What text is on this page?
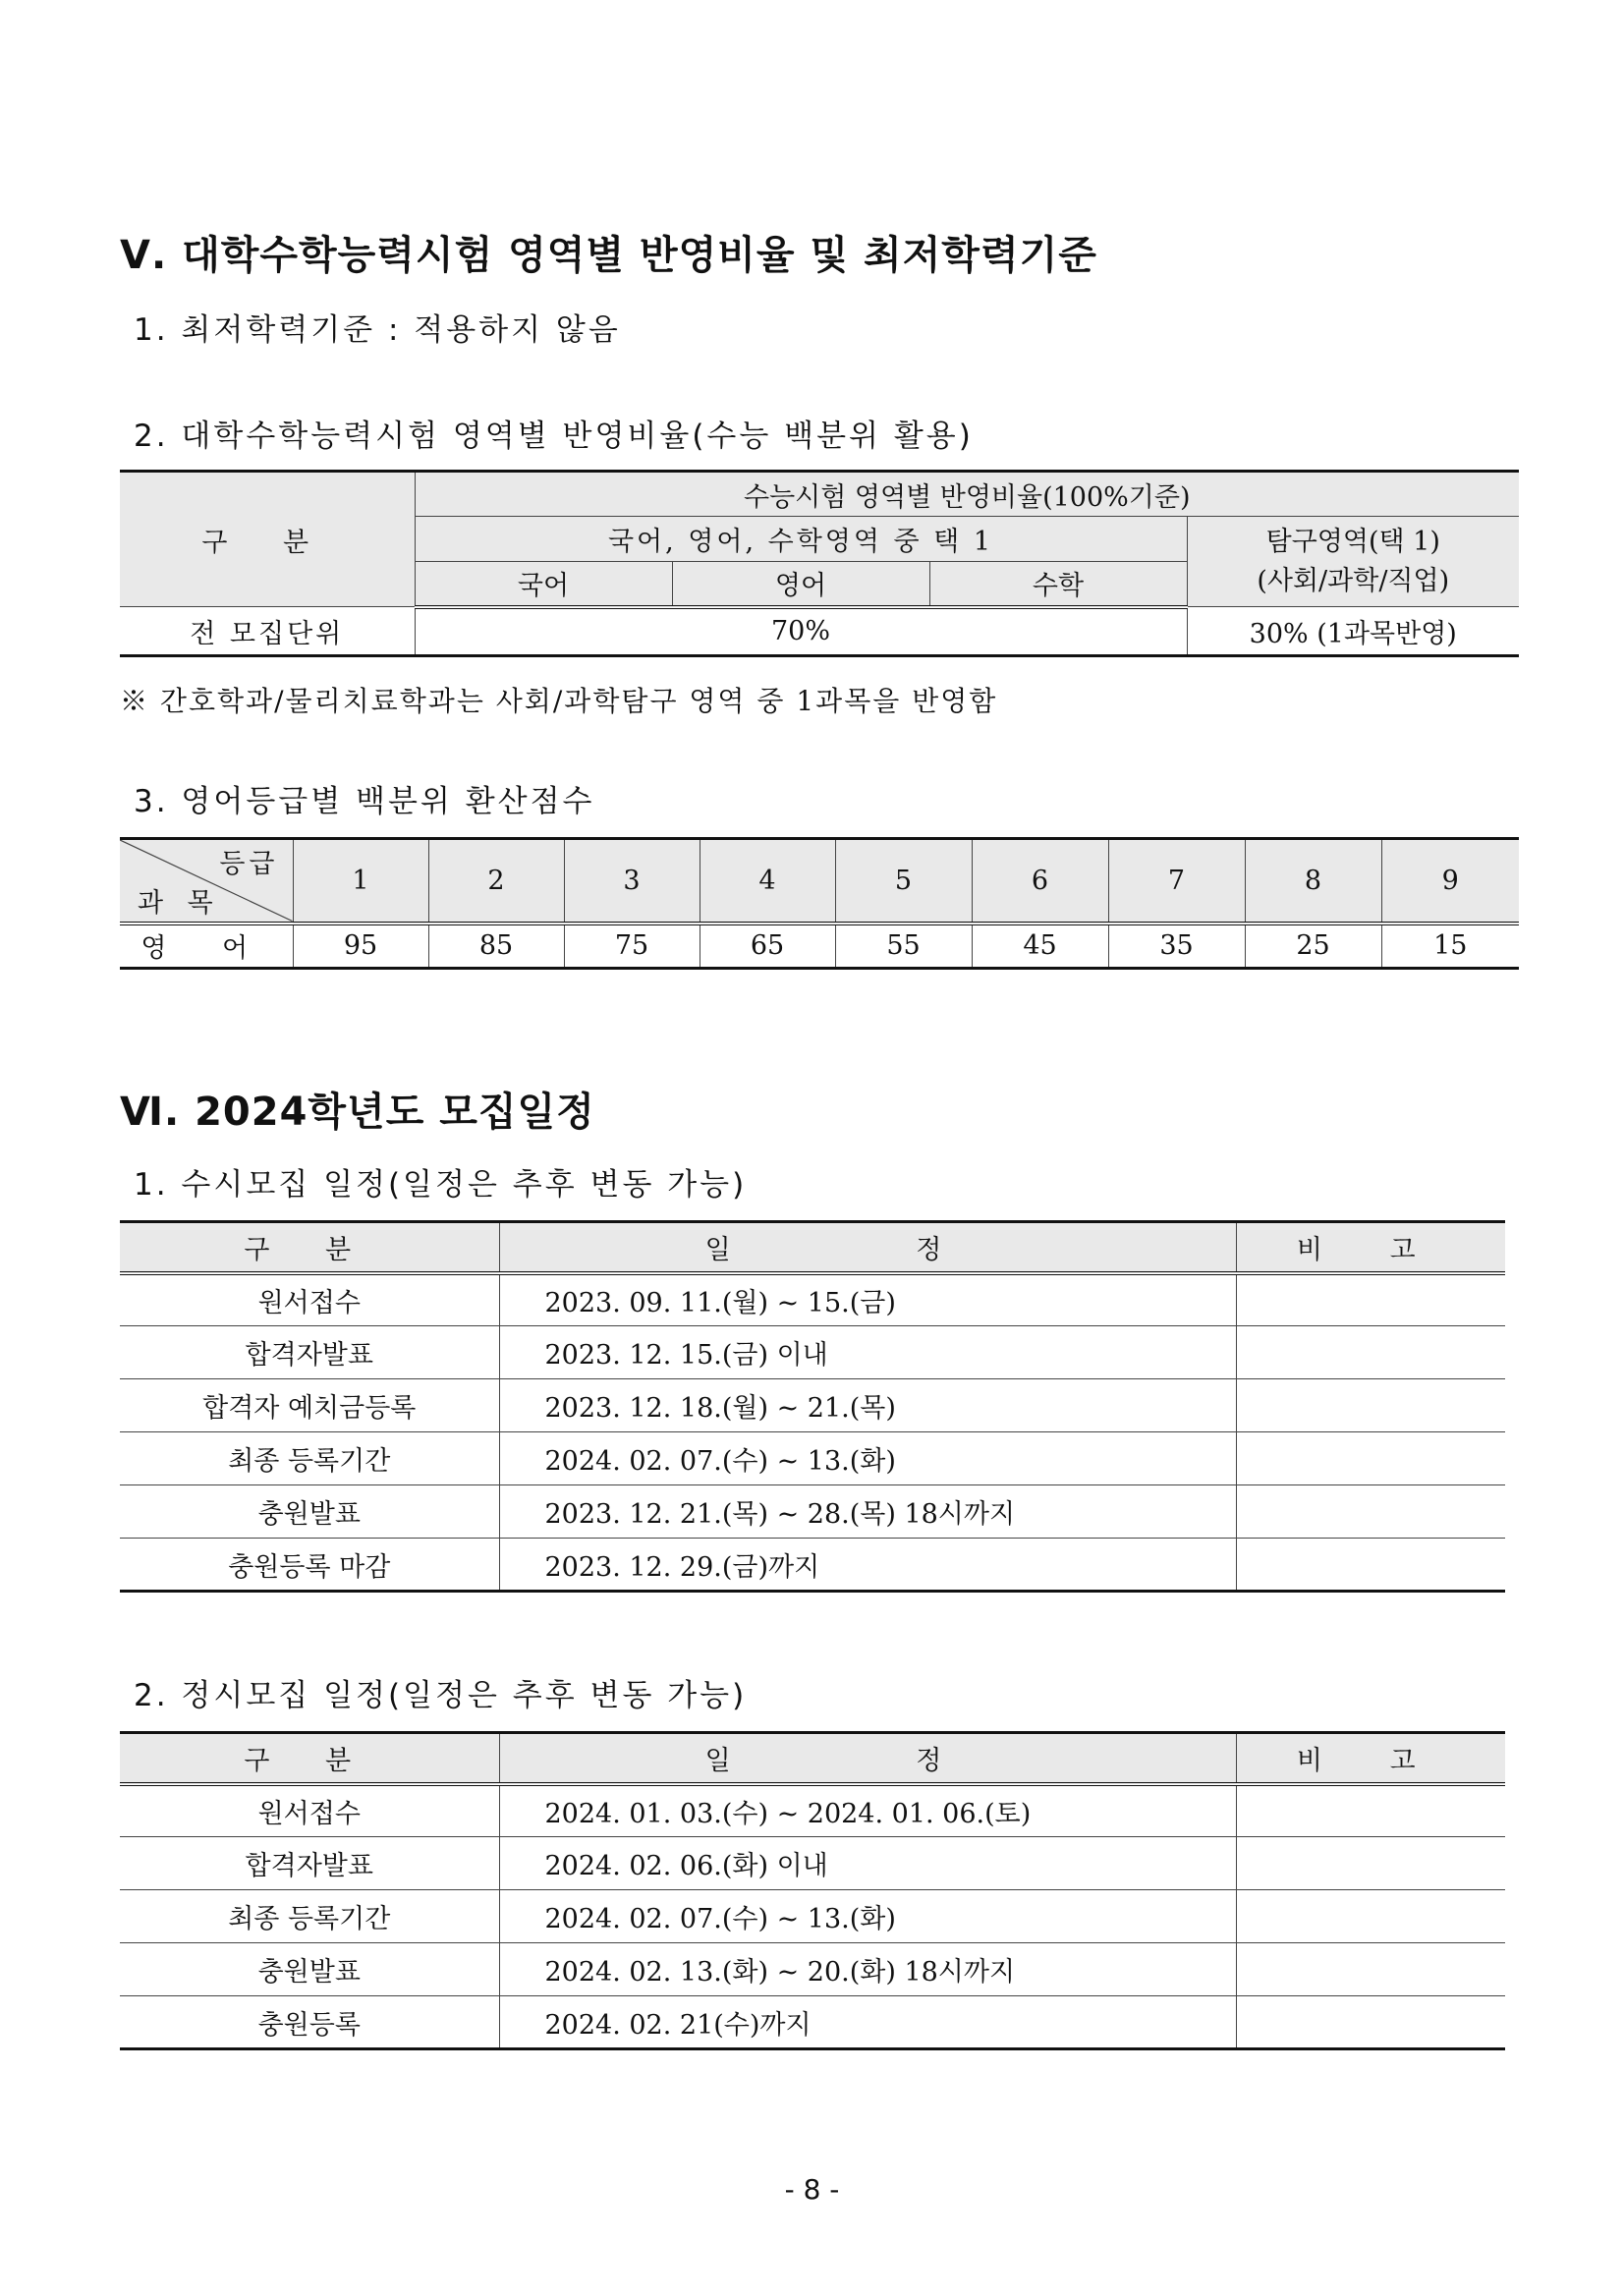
Ⅴ. 대학수학능력시험 영역별 반영비율 및 최저학력기준
1. 최저학력기준 : 적용하지 않음
2. 대학수학능력시험 영역별 반영비율(수능 백분위 활용)
구 분	수능시험 영역별 반영비율(100%기준)			
	국어, 영어, 수학영역 중 택 1			탐구영역(택 1)
(사회/과학/직업)

	국어	영어	수학	
전 모집단위	70%			30% (1과목반영)
※ 간호학과/물리치료학과는 사회/과학탐구 영역 중 1과목을 반영함
3. 영어등급별 백분위 환산점수
등급
과 목	1	2	3	4	5	6	7	8	9
영 어	95	85	75	65	55	45	35	25	15
Ⅵ. 2024학년도 모집일정
1. 수시모집 일정(일정은 추후 변동 가능)
구 분	일 정	비 고
원서접수	2023. 09. 11.(월) ~ 15.(금)	
합격자발표	2023. 12. 15.(금) 이내	
합격자 예치금등록	2023. 12. 18.(월) ~ 21.(목)	
최종 등록기간	2024. 02. 07.(수) ~ 13.(화)	
충원발표	2023. 12. 21.(목) ~ 28.(목) 18시까지	
충원등록 마감	2023. 12. 29.(금)까지	
2. 정시모집 일정(일정은 추후 변동 가능)
구 분	일 정	비 고
원서접수	2024. 01. 03.(수) ~ 2024. 01. 06.(토)	
합격자발표	2024. 02. 06.(화) 이내	
최종 등록기간	2024. 02. 07.(수) ~ 13.(화)	
충원발표	2024. 02. 13.(화) ~ 20.(화) 18시까지	
충원등록	2024. 02. 21(수)까지	
- 8 -
